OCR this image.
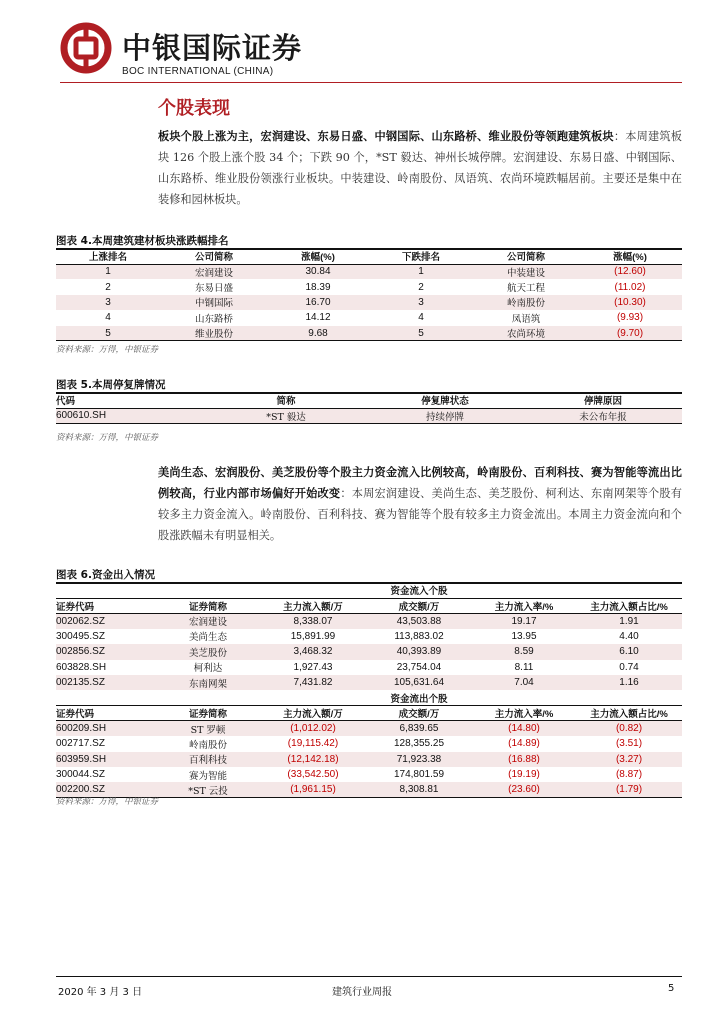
中银国际证券
BOC INTERNATIONAL (CHINA)
个股表现
板块个股上涨为主，宏润建设、东易日盛、中钢国际、山东路桥、维业股份等领跑建筑板块：本周建筑板块 126 个股上涨个股 34 个；下跌 90 个，*ST 毅达、神州长城停牌。宏润建设、东易日盛、中钢国际、山东路桥、维业股份领涨行业板块。中装建设、岭南股份、凤语筑、农尚环境跌幅居前。主要还是集中在装修和园林板块。
图表 4.本周建筑建材板块涨跌幅排名
上涨排名	公司简称	涨幅(%)	下跌排名	公司简称	涨幅(%)
1	宏润建设	30.84	1	中装建设	(12.60)
2	东易日盛	18.39	2	航天工程	(11.02)
3	中钢国际	16.70	3	岭南股份	(10.30)
4	山东路桥	14.12	4	凤语筑	(9.93)
5	维业股份	9.68	5	农尚环境	(9.70)
资料来源：万得，中银证券
图表 5.本周停复牌情况
代码	简称	停复牌状态	停牌原因
600610.SH	*ST 毅达	持续停牌	未公布年报
资料来源：万得，中银证券
美尚生态、宏润股份、美芝股份等个股主力资金流入比例较高，岭南股份、百利科技、赛为智能等流出比例较高，行业内部市场偏好开始改变：本周宏润建设、美尚生态、美芝股份、柯利达、东南网架等个股有较多主力资金流入。岭南股份、百利科技、赛为智能等个股有较多主力资金流出。本周主力资金流向和个股涨跌幅未有明显相关。
图表 6.资金出入情况
	资金流入个股				
证券代码	证券简称	主力流入额/万	成交额/万	主力流入率/%	主力流入额占比/%
002062.SZ	宏润建设	8,338.07	43,503.88	19.17	1.91
300495.SZ	美尚生态	15,891.99	113,883.02	13.95	4.40
002856.SZ	美芝股份	3,468.32	40,393.89	8.59	6.10
603828.SH	柯利达	1,927.43	23,754.04	8.11	0.74
002135.SZ	东南网架	7,431.82	105,631.64	7.04	1.16
	资金流出个股				
证券代码	证券简称	主力流入额/万	成交额/万	主力流入率/%	主力流入额占比/%
600209.SH	ST 罗顿	(1,012.02)	6,839.65	(14.80)	(0.82)
002717.SZ	岭南股份	(19,115.42)	128,355.25	(14.89)	(3.51)
603959.SH	百利科技	(12,142.18)	71,923.38	(16.88)	(3.27)
300044.SZ	赛为智能	(33,542.50)	174,801.59	(19.19)	(8.87)
002200.SZ	*ST 云投	(1,961.15)	8,308.81	(23.60)	(1.79)
资料来源：万得，中银证券
2020 年 3 月 3 日	建筑行业周报	5
